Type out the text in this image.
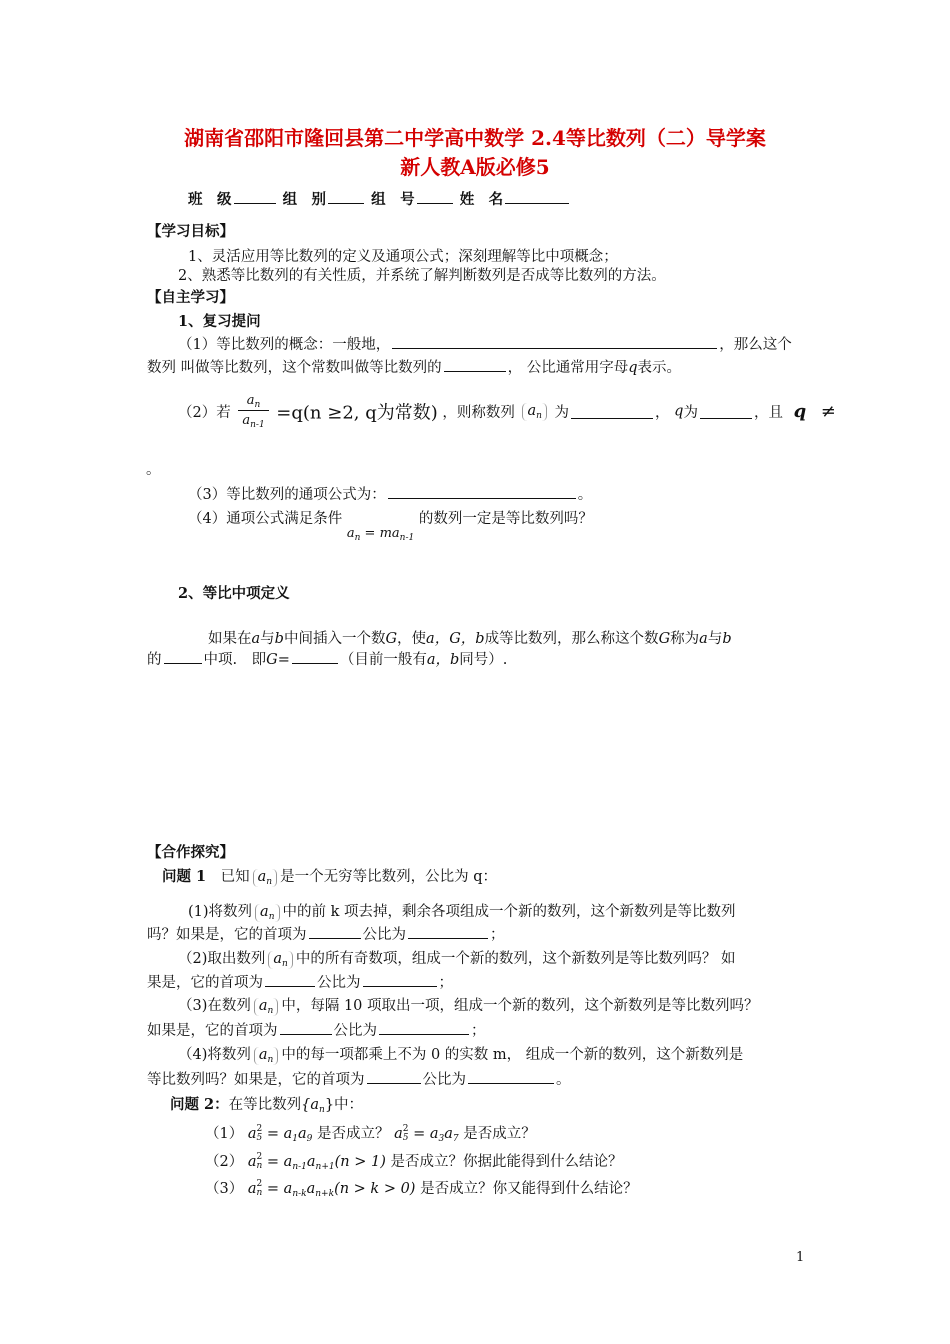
湖南省邵阳市隆回县第二中学高中数学 2.4等比数列（二）导学案
新人教A版必修5
班　级	组　别	组　号	姓　名
【学习目标】
1、灵活应用等比数列的定义及通项公式；深刻理解等比中项概念；
2、熟悉等比数列的有关性质，并系统了解判断数列是否成等比数列的方法。
【自主学习】
1、复习提问
（1）等比数列的概念：一般地，	，那么这个
数列 叫做等比数列，这个常数叫做等比数列的	， 公比通常用字母q表示。
（2）若 $\frac{a_n}{a_{n-1}} =q(n \ge 2$, q为常数) ，则称数列 $a_n$ 为	， q为	，且 q ≠
。
（3）等比数列的通项公式为：	。
（4）通项公式满足条件 $a_n = ma_{n-1}$ 的数列一定是等比数列吗？
2、等比中项定义
如果在a与b中间插入一个数G，使a，G，b成等比数列，那么称这个数G称为a与b
的	中项.　即G=	（目前一般有a，b同号）.
【合作探究】
问题 1　已知 $a_n$ 是一个无穷等比数列，公比为 q：
(1)将数列 $a_n$ 中的前 k 项去掉，剩余各项组成一个新的数列，这个新数列是等比数列
吗？如果是，它的首项为	公比为	；
（2)取出数列 $a_n$ 中的所有奇数项，组成一个新的数列，这个新数列是等比数列吗？ 如
果是，它的首项为	公比为	；
（3)在数列 $a_n$ 中，每隔 10 项取出一项，组成一个新的数列，这个新数列是等比数列吗？
如果是，它的首项为	公比为	；
（4)将数列 $a_n$ 中的每一项都乘上不为 0 的实数 m， 组成一个新的数列，这个新数列是
等比数列吗？如果是，它的首项为	公比为	。
问题 2：在等比数列$\{a_n\}$中：
（1） a 2
$5 = a_1a_9$ 是否成立？ a 2
$5 = a_3a_7$ 是否成立？
（2） a 2
$n = a_{n-1}a_{n+1}(n > 1)$ 是否成立？你据此能得到什么结论？
（3） a 2
$n = a_{n-k}a_{n+k}(n > k > 0)$ 是否成立？你又能得到什么结论？
1
